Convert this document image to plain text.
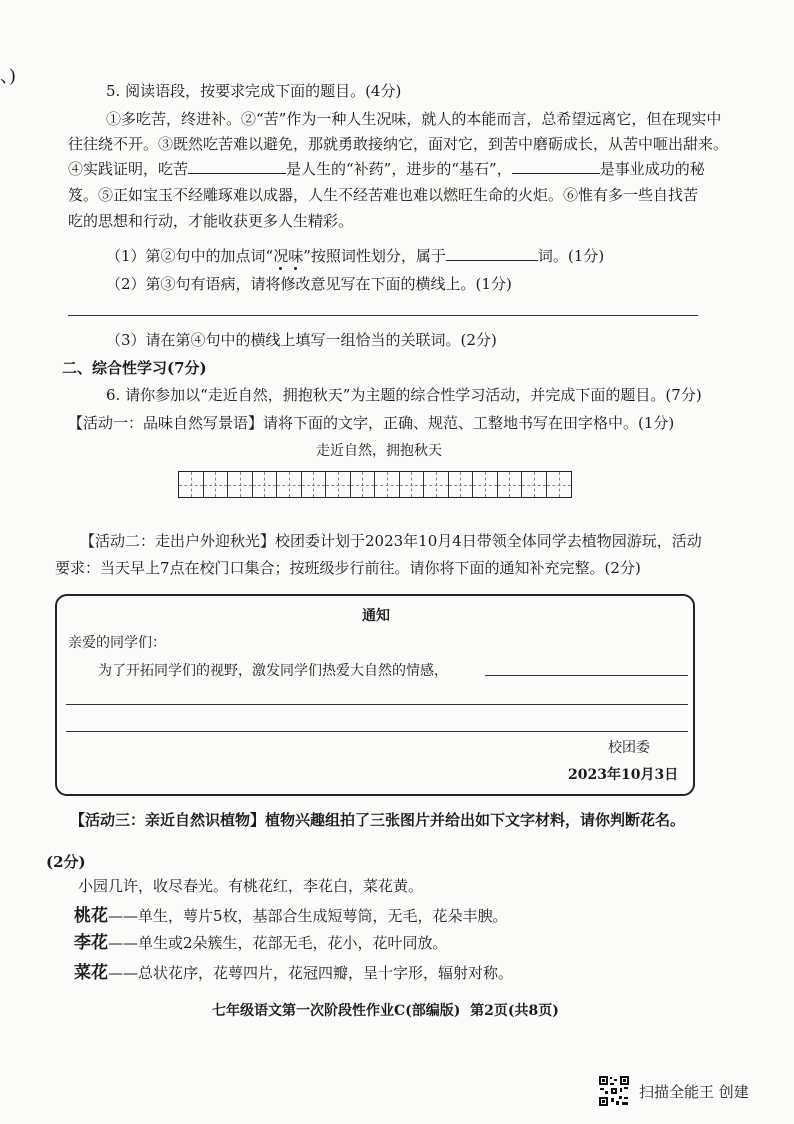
、)
5. 阅读语段，按要求完成下面的题目。(4分)
①多吃苦，终进补。②“苦”作为一种人生况味，就人的本能而言，总希望远离它，但在现实中
往往绕不开。③既然吃苦难以避免，那就勇敢接纳它，面对它，到苦中磨砺成长，从苦中咂出甜来。
④实践证明，吃苦	是人生的“补药”，进步的“基石”，	是事业成功的秘
笈。⑤正如宝玉不经雕琢难以成器，人生不经苦难也难以燃旺生命的火炬。⑥惟有多一些自找苦
吃的思想和行动，才能收获更多人生精彩。
（1）第②句中的加点词“况味”按照词性划分，属于	词。(1分)
（2）第③句有语病，请将修改意见写在下面的横线上。(1分)
（3）请在第④句中的横线上填写一组恰当的关联词。(2分)
二、综合性学习(7分)
6. 请你参加以“走近自然，拥抱秋天”为主题的综合性学习活动，并完成下面的题目。(7分)
【活动一：品味自然写景语】请将下面的文字，正确、规范、工整地书写在田字格中。(1分)
走近自然，拥抱秋天
【活动二：走出户外迎秋光】校团委计划于2023年10月4日带领全体同学去植物园游玩，活动
要求：当天早上7点在校门口集合；按班级步行前往。请你将下面的通知补充完整。(2分)
通知
亲爱的同学们：
为了开拓同学们的视野，激发同学们热爱大自然的情感，
校团委
2023年10月3日
【活动三：亲近自然识植物】植物兴趣组拍了三张图片并给出如下文字材料，请你判断花名。
(2分)
小园几许，收尽春光。有桃花红，李花白，菜花黄。
桃花——单生，萼片5枚，基部合生成短萼筒，无毛，花朵丰腴。
李花——单生或2朵簇生，花部无毛，花小，花叶同放。
菜花——总状花序，花萼四片，花冠四瓣，呈十字形，辐射对称。
七年级语文第一次阶段性作业C(部编版)  第2页(共8页)
扫描全能王 创建
